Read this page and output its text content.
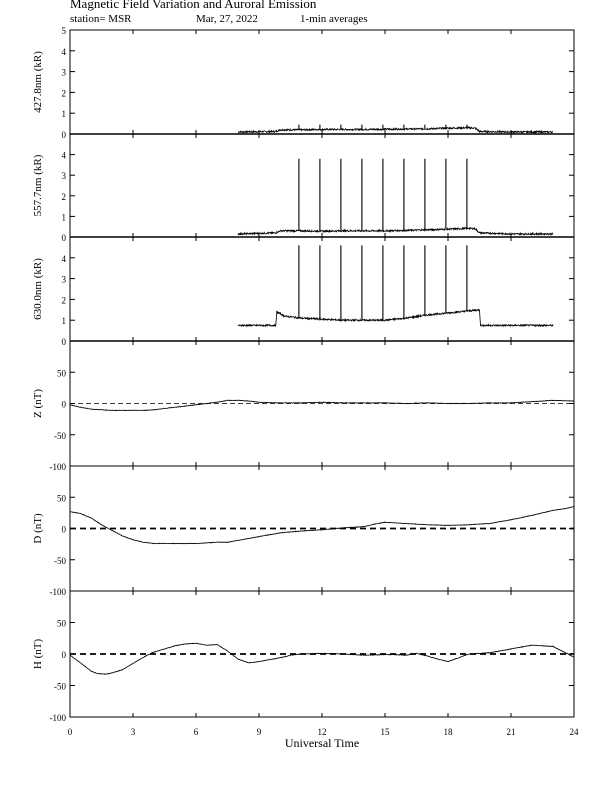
Magnetic Field Variation and Auroral Emission
station= MSR	Mar, 27, 2022	1-min averages
0
1
2
3
4
5
427.8nm (kR)
0
1
2
3
4
557.7nm (kR)
0
1
2
3
4
630.0nm (kR)
-100
-50
0
50
Z (nT)
-100
-50
0
50
D (nT)
-100
-50
0
50
H (nT)
0	3	6	9	12	15	18	21	24
Universal Time
